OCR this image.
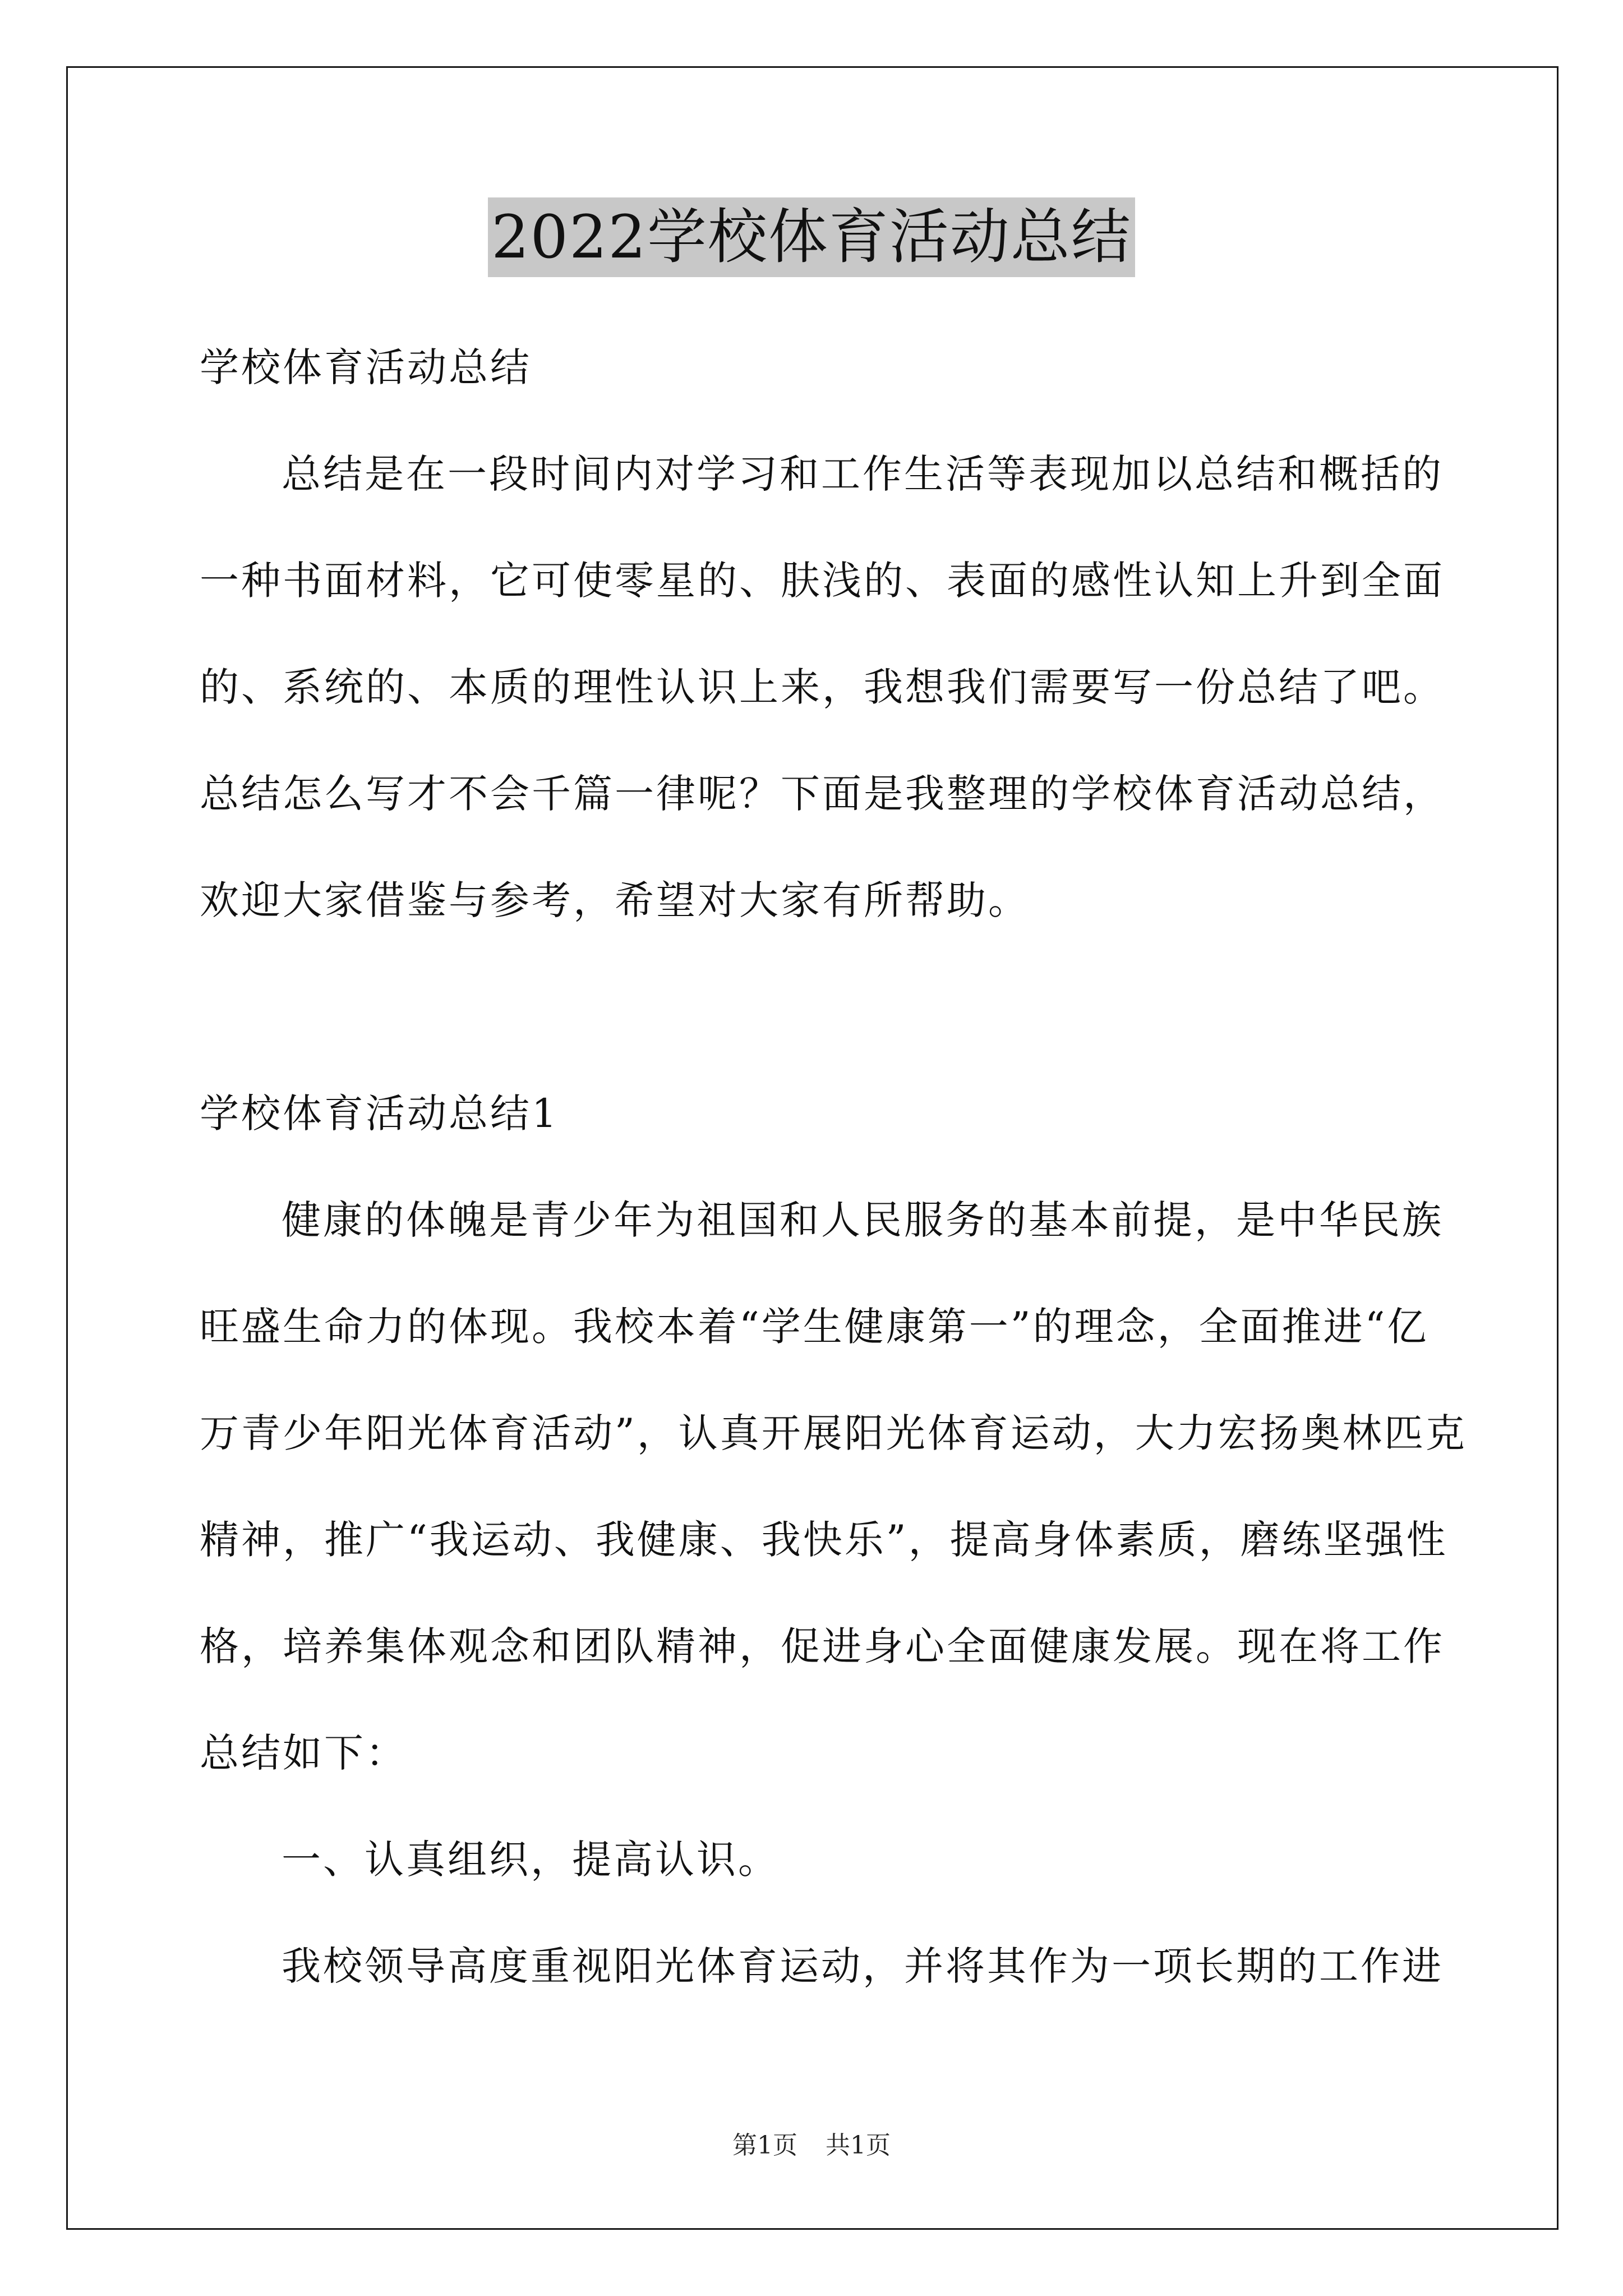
2022学校体育活动总结
学校体育活动总结
总结是在一段时间内对学习和工作生活等表现加以总结和概括的
一种书面材料，它可使零星的、肤浅的、表面的感性认知上升到全面
的、系统的、本质的理性认识上来，我想我们需要写一份总结了吧。
总结怎么写才不会千篇一律呢？下面是我整理的学校体育活动总结，
欢迎大家借鉴与参考，希望对大家有所帮助。
学校体育活动总结1
健康的体魄是青少年为祖国和人民服务的基本前提，是中华民族
旺盛生命力的体现。我校本着“学生健康第一”的理念，全面推进“亿
万青少年阳光体育活动”，认真开展阳光体育运动，大力宏扬奥林匹克
精神，推广“我运动、我健康、我快乐”，提高身体素质，磨练坚强性
格，培养集体观念和团队精神，促进身心全面健康发展。现在将工作
总结如下：
一、认真组织，提高认识。
我校领导高度重视阳光体育运动，并将其作为一项长期的工作进
第1页 共1页
